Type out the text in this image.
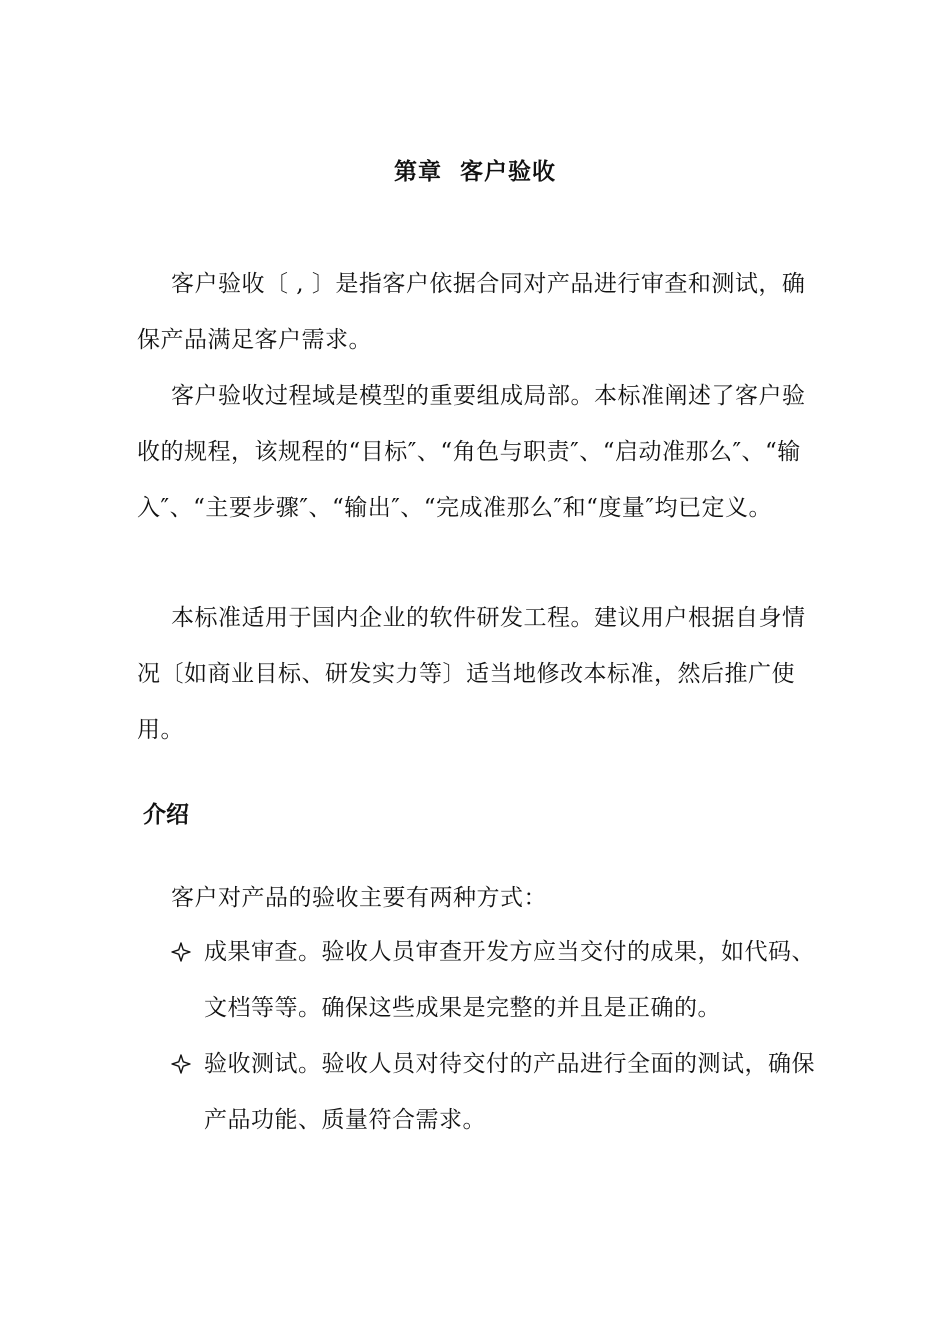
第章  客户验收

客户验收〔 , 〕是指客户依据合同对产品进行审查和测试，确保产品满足客户需求。

客户验收过程域是模型的重要组成局部。本标准阐述了客户验收的规程，该规程的“目标″、“角色与职责″、“启动准那么″、“输入″、“主要步骤″、“输出″、“完成准那么″和“度量″均已定义。

本标准适用于国内企业的软件研发工程。建议用户根据自身情况〔如商业目标、研发实力等〕适当地修改本标准，然后推广使用。

介绍

客户对产品的验收主要有两种方式：

成果审查。验收人员审查开发方应当交付的成果，如代码、文档等等。确保这些成果是完整的并且是正确的。
验收测试。验收人员对待交付的产品进行全面的测试，确保产品功能、质量符合需求。
